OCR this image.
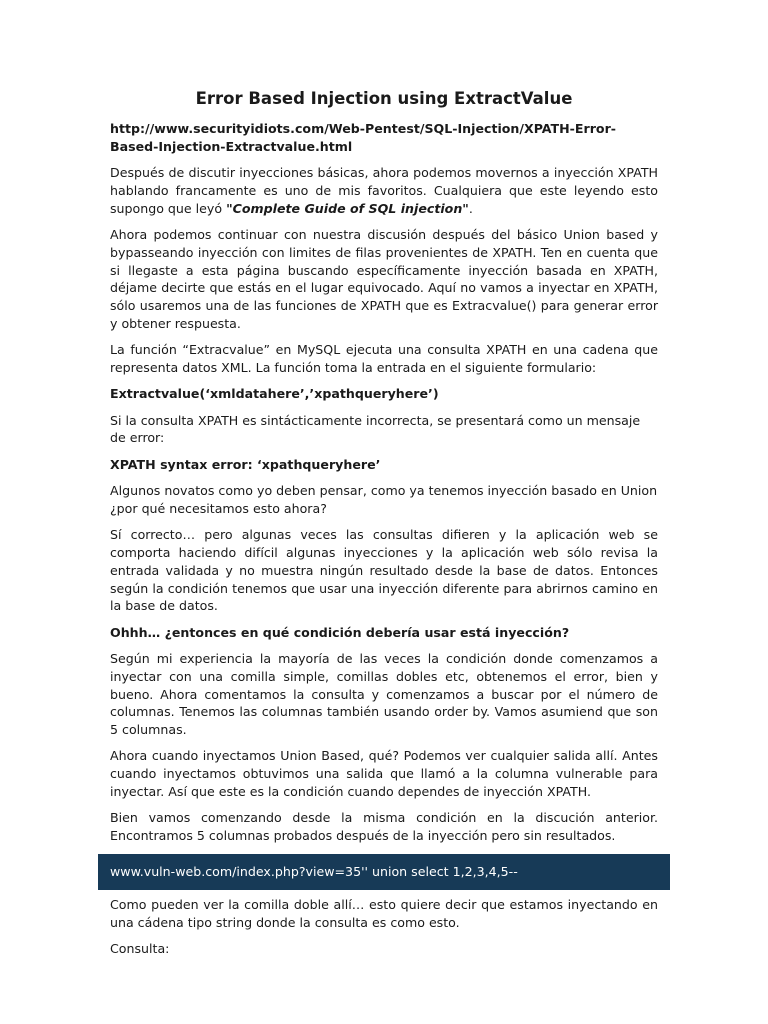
Error Based Injection using ExtractValue

http://www.securityidiots.com/Web-Pentest/SQL-Injection/XPATH-Error-Based-Injection-Extractvalue.html

Después de discutir inyecciones básicas, ahora podemos movernos a inyección XPATH hablando francamente es uno de mis favoritos. Cualquiera que este leyendo esto supongo que leyó "Complete Guide of SQL injection".

Ahora podemos continuar con nuestra discusión después del básico Union based y bypasseando inyección con limites de filas provenientes de XPATH. Ten en cuenta que si llegaste a esta página buscando específicamente inyección basada en XPATH, déjame decirte que estás en el lugar equivocado. Aquí no vamos a inyectar en XPATH, sólo usaremos una de las funciones de XPATH que es Extracvalue() para generar error y obtener respuesta.

La función “Extracvalue” en MySQL ejecuta una consulta XPATH en una cadena que representa datos XML. La función toma la entrada en el siguiente formulario:

Extractvalue(‘xmldatahere’,’xpathqueryhere’)

Si la consulta XPATH es sintácticamente incorrecta, se presentará como un mensaje de error:

XPATH syntax error: ‘xpathqueryhere’

Algunos novatos como yo deben pensar, como ya tenemos inyección basado en Union ¿por qué necesitamos esto ahora?

Sí correcto… pero algunas veces las consultas difieren y la aplicación web se comporta haciendo difícil algunas inyecciones y la aplicación web sólo revisa la entrada validada y no muestra ningún resultado desde la base de datos. Entonces según la condición tenemos que usar una inyección diferente para abrirnos camino en la base de datos.

Ohhh… ¿entonces en qué condición debería usar está inyección?

Según mi experiencia la mayoría de las veces la condición donde comenzamos a inyectar con una comilla simple, comillas dobles etc, obtenemos el error, bien y bueno. Ahora comentamos la consulta y comenzamos a buscar por el número de columnas. Tenemos las columnas también usando order by. Vamos asumiend que son 5 columnas.

Ahora cuando inyectamos Union Based, qué? Podemos ver cualquier salida allí. Antes cuando inyectamos obtuvimos una salida que llamó a la columna vulnerable para inyectar. Así que este es la condición cuando dependes de inyección XPATH.

Bien vamos comenzando desde la misma condición en la discución anterior. Encontramos 5 columnas probados después de la inyección pero sin resultados.

www.vuln-web.com/index.php?view=35'' union select 1,2,3,4,5--

Como pueden ver la comilla doble allí… esto quiere decir que estamos inyectando en una cádena tipo string donde la consulta es como esto.

Consulta:
